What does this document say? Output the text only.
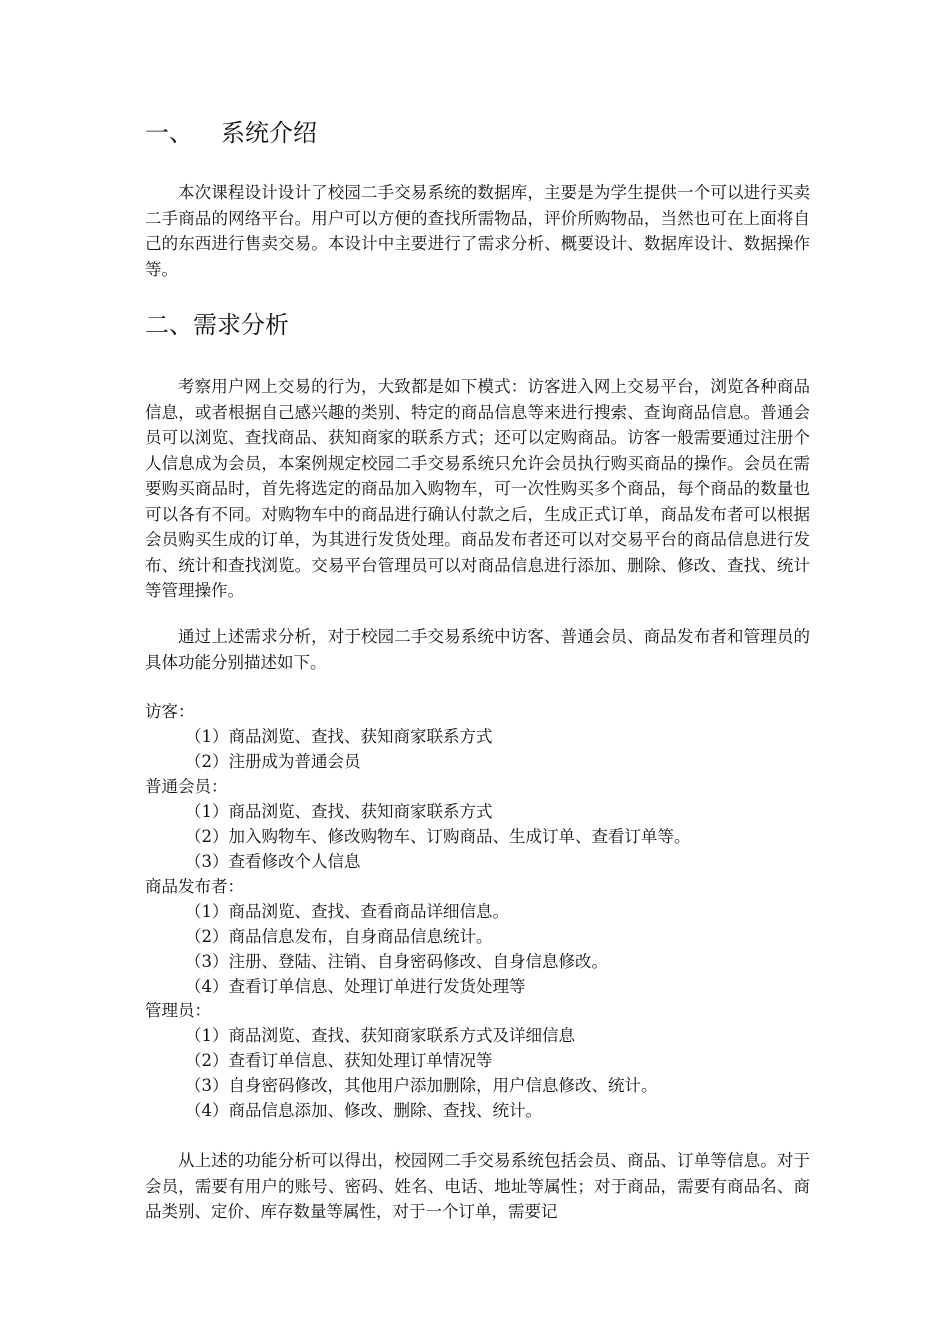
一、 系统介绍
本次课程设计设计了校园二手交易系统的数据库，主要是为学生提供一个可以进行买卖二手商品的网络平台。用户可以方便的查找所需物品，评价所购物品，当然也可在上面将自己的东西进行售卖交易。本设计中主要进行了需求分析、概要设计、数据库设计、数据操作等。
二、需求分析
考察用户网上交易的行为，大致都是如下模式：访客进入网上交易平台，浏览各种商品信息，或者根据自己感兴趣的类别、特定的商品信息等来进行搜索、查询商品信息。普通会员可以浏览、查找商品、获知商家的联系方式；还可以定购商品。访客一般需要通过注册个人信息成为会员，本案例规定校园二手交易系统只允许会员执行购买商品的操作。会员在需要购买商品时，首先将选定的商品加入购物车，可一次性购买多个商品，每个商品的数量也可以各有不同。对购物车中的商品进行确认付款之后，生成正式订单，商品发布者可以根据会员购买生成的订单，为其进行发货处理。商品发布者还可以对交易平台的商品信息进行发布、统计和查找浏览。交易平台管理员可以对商品信息进行添加、删除、修改、查找、统计等管理操作。
通过上述需求分析，对于校园二手交易系统中访客、普通会员、商品发布者和管理员的具体功能分别描述如下。
访客：
（1）商品浏览、查找、获知商家联系方式
（2）注册成为普通会员
普通会员：
（1）商品浏览、查找、获知商家联系方式
（2）加入购物车、修改购物车、订购商品、生成订单、查看订单等。
（3）查看修改个人信息
商品发布者：
（1）商品浏览、查找、查看商品详细信息。
（2）商品信息发布，自身商品信息统计。
（3）注册、登陆、注销、自身密码修改、自身信息修改。
（4）查看订单信息、处理订单进行发货处理等
管理员：
（1）商品浏览、查找、获知商家联系方式及详细信息
（2）查看订单信息、获知处理订单情况等
（3）自身密码修改，其他用户添加删除，用户信息修改、统计。
（4）商品信息添加、修改、删除、查找、统计。
从上述的功能分析可以得出，校园网二手交易系统包括会员、商品、订单等信息。对于会员，需要有用户的账号、密码、姓名、电话、地址等属性；对于商品，需要有商品名、商品类别、定价、库存数量等属性，对于一个订单，需要记
